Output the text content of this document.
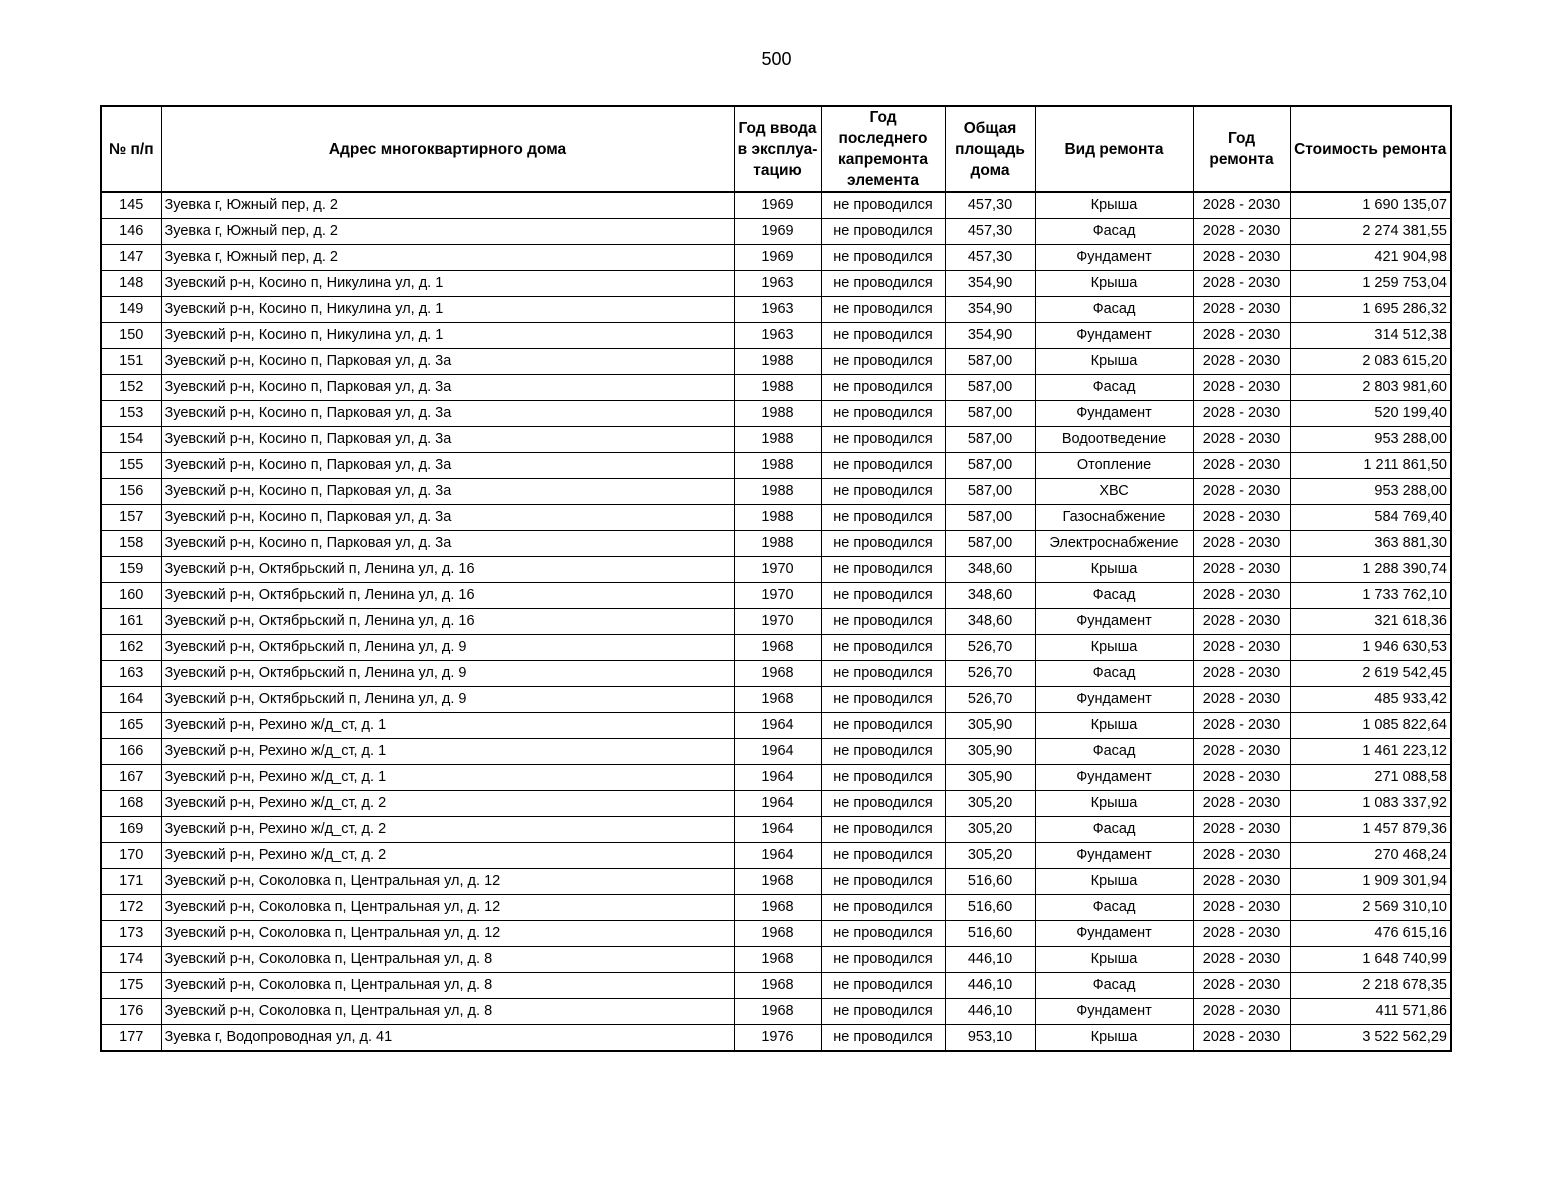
500
№ п/п	Адрес многоквартирного дома	Год ввода в эксплуа-тацию	Год последнего капремонта элемента	Общая площадь дома	Вид ремонта	Год ремонта	Стоимость ремонта
145	Зуевка г, Южный пер, д. 2	1969	не проводился	457,30	Крыша	2028 - 2030	1 690 135,07
146	Зуевка г, Южный пер, д. 2	1969	не проводился	457,30	Фасад	2028 - 2030	2 274 381,55
147	Зуевка г, Южный пер, д. 2	1969	не проводился	457,30	Фундамент	2028 - 2030	421 904,98
148	Зуевский р-н, Косино п, Никулина ул, д. 1	1963	не проводился	354,90	Крыша	2028 - 2030	1 259 753,04
149	Зуевский р-н, Косино п, Никулина ул, д. 1	1963	не проводился	354,90	Фасад	2028 - 2030	1 695 286,32
150	Зуевский р-н, Косино п, Никулина ул, д. 1	1963	не проводился	354,90	Фундамент	2028 - 2030	314 512,38
151	Зуевский р-н, Косино п, Парковая ул, д. 3а	1988	не проводился	587,00	Крыша	2028 - 2030	2 083 615,20
152	Зуевский р-н, Косино п, Парковая ул, д. 3а	1988	не проводился	587,00	Фасад	2028 - 2030	2 803 981,60
153	Зуевский р-н, Косино п, Парковая ул, д. 3а	1988	не проводился	587,00	Фундамент	2028 - 2030	520 199,40
154	Зуевский р-н, Косино п, Парковая ул, д. 3а	1988	не проводился	587,00	Водоотведение	2028 - 2030	953 288,00
155	Зуевский р-н, Косино п, Парковая ул, д. 3а	1988	не проводился	587,00	Отопление	2028 - 2030	1 211 861,50
156	Зуевский р-н, Косино п, Парковая ул, д. 3а	1988	не проводился	587,00	ХВС	2028 - 2030	953 288,00
157	Зуевский р-н, Косино п, Парковая ул, д. 3а	1988	не проводился	587,00	Газоснабжение	2028 - 2030	584 769,40
158	Зуевский р-н, Косино п, Парковая ул, д. 3а	1988	не проводился	587,00	Электроснабжение	2028 - 2030	363 881,30
159	Зуевский р-н, Октябрьский п, Ленина ул, д. 16	1970	не проводился	348,60	Крыша	2028 - 2030	1 288 390,74
160	Зуевский р-н, Октябрьский п, Ленина ул, д. 16	1970	не проводился	348,60	Фасад	2028 - 2030	1 733 762,10
161	Зуевский р-н, Октябрьский п, Ленина ул, д. 16	1970	не проводился	348,60	Фундамент	2028 - 2030	321 618,36
162	Зуевский р-н, Октябрьский п, Ленина ул, д. 9	1968	не проводился	526,70	Крыша	2028 - 2030	1 946 630,53
163	Зуевский р-н, Октябрьский п, Ленина ул, д. 9	1968	не проводился	526,70	Фасад	2028 - 2030	2 619 542,45
164	Зуевский р-н, Октябрьский п, Ленина ул, д. 9	1968	не проводился	526,70	Фундамент	2028 - 2030	485 933,42
165	Зуевский р-н, Рехино ж/д_ст, д. 1	1964	не проводился	305,90	Крыша	2028 - 2030	1 085 822,64
166	Зуевский р-н, Рехино ж/д_ст, д. 1	1964	не проводился	305,90	Фасад	2028 - 2030	1 461 223,12
167	Зуевский р-н, Рехино ж/д_ст, д. 1	1964	не проводился	305,90	Фундамент	2028 - 2030	271 088,58
168	Зуевский р-н, Рехино ж/д_ст, д. 2	1964	не проводился	305,20	Крыша	2028 - 2030	1 083 337,92
169	Зуевский р-н, Рехино ж/д_ст, д. 2	1964	не проводился	305,20	Фасад	2028 - 2030	1 457 879,36
170	Зуевский р-н, Рехино ж/д_ст, д. 2	1964	не проводился	305,20	Фундамент	2028 - 2030	270 468,24
171	Зуевский р-н, Соколовка п, Центральная ул, д. 12	1968	не проводился	516,60	Крыша	2028 - 2030	1 909 301,94
172	Зуевский р-н, Соколовка п, Центральная ул, д. 12	1968	не проводился	516,60	Фасад	2028 - 2030	2 569 310,10
173	Зуевский р-н, Соколовка п, Центральная ул, д. 12	1968	не проводился	516,60	Фундамент	2028 - 2030	476 615,16
174	Зуевский р-н, Соколовка п, Центральная ул, д. 8	1968	не проводился	446,10	Крыша	2028 - 2030	1 648 740,99
175	Зуевский р-н, Соколовка п, Центральная ул, д. 8	1968	не проводился	446,10	Фасад	2028 - 2030	2 218 678,35
176	Зуевский р-н, Соколовка п, Центральная ул, д. 8	1968	не проводился	446,10	Фундамент	2028 - 2030	411 571,86
177	Зуевка г, Водопроводная ул, д. 41	1976	не проводился	953,10	Крыша	2028 - 2030	3 522 562,29
